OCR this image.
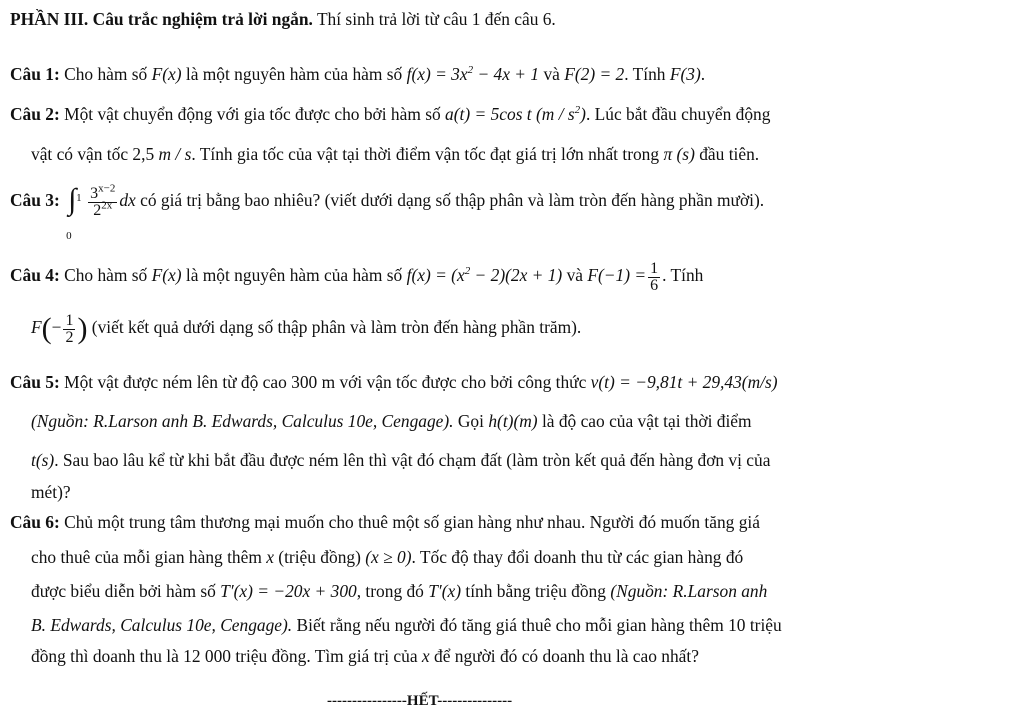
PHẦN III. Câu trắc nghiệm trả lời ngắn. Thí sinh trả lời từ câu 1 đến câu 6.
Câu 1: Cho hàm số F(x) là một nguyên hàm của hàm số $f(x) = 3x^2 - 4x + 1$ và F(2) = 2. Tính F(3).
Câu 2: Một vật chuyển động với gia tốc được cho bởi hàm số a(t) = 5cos t $(m / s^2)$. Lúc bắt đầu chuyển động
vật có vận tốc 2,5 m / s. Tính gia tốc của vật tại thời điểm vận tốc đạt giá trị lớn nhất trong π (s) đầu tiên.
Câu 3: 1
∫
0
$\frac{3^{x-2}}{2^{2x}}$ dx có giá trị bằng bao nhiêu? (viết dưới dạng số thập phân và làm tròn đến hàng phần mười).
Câu 4: Cho hàm số F(x) là một nguyên hàm của hàm số $f(x) = (x^2 - 2)(2x + 1)$ và $F(-1) = \frac{1}{6}$ . Tính
$F(- \frac{1}{2}$ ) (viết kết quả dưới dạng số thập phân và làm tròn đến hàng phần trăm).
Câu 5: Một vật được ném lên từ độ cao 300 m với vận tốc được cho bởi công thức v(t) = −9,81t + 29,43(m/s)
(Nguồn: R.Larson anh B. Edwards, Calculus 10e, Cengage). Gọi h(t)(m) là độ cao của vật tại thời điểm
t(s). Sau bao lâu kể từ khi bắt đầu được ném lên thì vật đó chạm đất (làm tròn kết quả đến hàng đơn vị của
mét)?
Câu 6: Chủ một trung tâm thương mại muốn cho thuê một số gian hàng như nhau. Người đó muốn tăng giá
cho thuê của mỗi gian hàng thêm x (triệu đồng) (x ≥ 0). Tốc độ thay đổi doanh thu từ các gian hàng đó
được biểu diễn bởi hàm số T′(x) = −20x + 300, trong đó T′(x) tính bằng triệu đồng (Nguồn: R.Larson anh
B. Edwards, Calculus 10e, Cengage). Biết rằng nếu người đó tăng giá thuê cho mỗi gian hàng thêm 10 triệu
đồng thì doanh thu là 12 000 triệu đồng. Tìm giá trị của x để người đó có doanh thu là cao nhất?
----------------HẾT---------------
